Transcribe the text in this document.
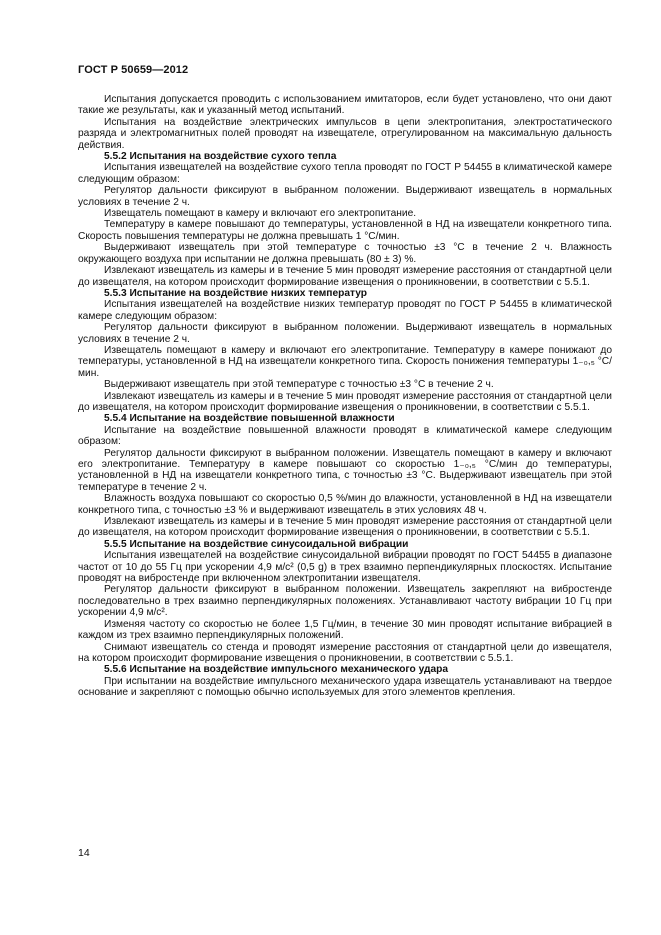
ГОСТ Р 50659—2012

Испытания допускается проводить с использованием имитаторов, если будет установлено, что они дают такие же результаты, как и указанный метод испытаний.

Испытания на воздействие электрических импульсов в цепи электропитания, электростатического разряда и электромагнитных полей проводят на извещателе, отрегулированном на максимальную дальность действия.

5.5.2 Испытания на воздействие сухого тепла

Испытания извещателей на воздействие сухого тепла проводят по ГОСТ Р 54455 в климатической камере следующим образом:

Регулятор дальности фиксируют в выбранном положении. Выдерживают извещатель в нормальных условиях в течение 2 ч.

Извещатель помещают в камеру и включают его электропитание.

Температуру в камере повышают до температуры, установленной в НД на извещатели конкретного типа. Скорость повышения температуры не должна превышать 1 °С/мин.

Выдерживают извещатель при этой температуре с точностью ±3 °С в течение 2 ч. Влажность окружающего воздуха при испытании не должна превышать (80 ± 3) %.

Извлекают извещатель из камеры и в течение 5 мин проводят измерение расстояния от стандартной цели до извещателя, на котором происходит формирование извещения о проникновении, в соответствии с 5.5.1.

5.5.3 Испытание на воздействие низких температур

Испытания извещателей на воздействие низких температур проводят по ГОСТ Р 54455 в климатической камере следующим образом:

Регулятор дальности фиксируют в выбранном положении. Выдерживают извещатель в нормальных условиях в течение 2 ч.

Извещатель помещают в камеру и включают его электропитание. Температуру в камере понижают до температуры, установленной в НД на извещатели конкретного типа. Скорость понижения температуры 1₋₀,₅ °С/мин.

Выдерживают извещатель при этой температуре с точностью ±3 °С в течение 2 ч.

Извлекают извещатель из камеры и в течение 5 мин проводят измерение расстояния от стандартной цели до извещателя, на котором происходит формирование извещения о проникновении, в соответствии с 5.5.1.

5.5.4 Испытание на воздействие повышенной влажности

Испытание на воздействие повышенной влажности проводят в климатической камере следующим образом:

Регулятор дальности фиксируют в выбранном положении. Извещатель помещают в камеру и включают его электропитание. Температуру в камере повышают со скоростью 1₋₀,₅ °С/мин до температуры, установленной в НД на извещатели конкретного типа, с точностью ±3 °С. Выдерживают извещатель при этой температуре в течение 2 ч.

Влажность воздуха повышают со скоростью 0,5 %/мин до влажности, установленной в НД на извещатели конкретного типа, с точностью ±3 % и выдерживают извещатель в этих условиях 48 ч.

Извлекают извещатель из камеры и в течение 5 мин проводят измерение расстояния от стандартной цели до извещателя, на котором происходит формирование извещения о проникновении, в соответствии с 5.5.1.

5.5.5 Испытание на воздействие синусоидальной вибрации

Испытания извещателей на воздействие синусоидальной вибрации проводят по ГОСТ 54455 в диапазоне частот от 10 до 55 Гц при ускорении 4,9 м/с² (0,5 g) в трех взаимно перпендикулярных плоскостях. Испытание проводят на вибростенде при включенном электропитании извещателя.

Регулятор дальности фиксируют в выбранном положении. Извещатель закрепляют на вибростенде последовательно в трех взаимно перпендикулярных положениях. Устанавливают частоту вибрации 10 Гц при ускорении 4,9 м/с².

Изменяя частоту со скоростью не более 1,5 Гц/мин, в течение 30 мин проводят испытание вибрацией в каждом из трех взаимно перпендикулярных положений.

Снимают извещатель со стенда и проводят измерение расстояния от стандартной цели до извещателя, на котором происходит формирование извещения о проникновении, в соответствии с 5.5.1.

5.5.6 Испытание на воздействие импульсного механического удара

При испытании на воздействие импульсного механического удара извещатель устанавливают на твердое основание и закрепляют с помощью обычно используемых для этого элементов крепления.

14
